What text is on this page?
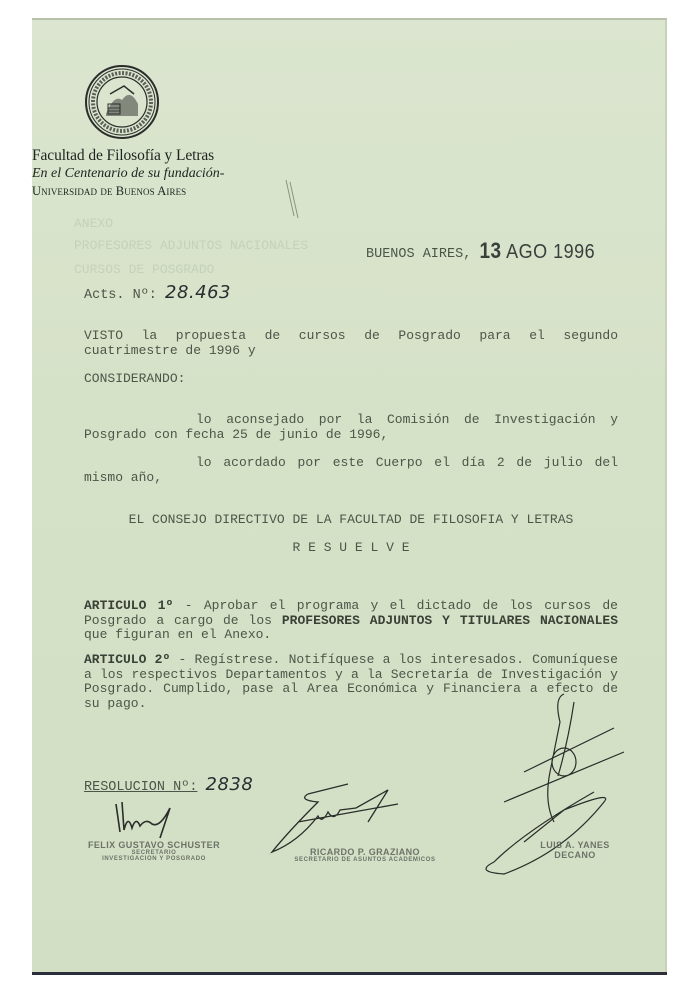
ANEXO
PROFESORES ADJUNTOS NACIONALES
CURSOS DE POSGRADO
Facultad de Filosofía y Letras
En el Centenario de su fundación-
Universidad de Buenos Aires
BUENOS AIRES, 13 AGO 1996
Acts. Nº: 28.463
VISTO la propuesta de cursos de Posgrado para el segundo cuatrimestre de 1996 y
CONSIDERANDO:
lo aconsejado por la Comisión de Investigación y Posgrado con fecha 25 de junio de 1996,
lo acordado por este Cuerpo el día 2 de julio del mismo año,
EL CONSEJO DIRECTIVO DE LA FACULTAD DE FILOSOFIA Y LETRAS
R E S U E L V E
ARTICULO 1º - Aprobar el programa y el dictado de los cursos de Posgrado a cargo de los PROFESORES ADJUNTOS Y TITULARES NACIONALES que figuran en el Anexo.
ARTICULO 2º - Regístrese. Notifíquese a los interesados. Comuníquese a los respectivos Departamentos y a la Secretaría de Investigación y Posgrado. Cumplido, pase al Area Económica y Financiera a efecto de su pago.
RESOLUCION Nº: 2838
FELIX GUSTAVO SCHUSTER
SECRETARIO
INVESTIGACION Y POSGRADO
RICARDO P. GRAZIANO
SECRETARIO DE ASUNTOS ACADEMICOS
LUIS A. YANES
DECANO
